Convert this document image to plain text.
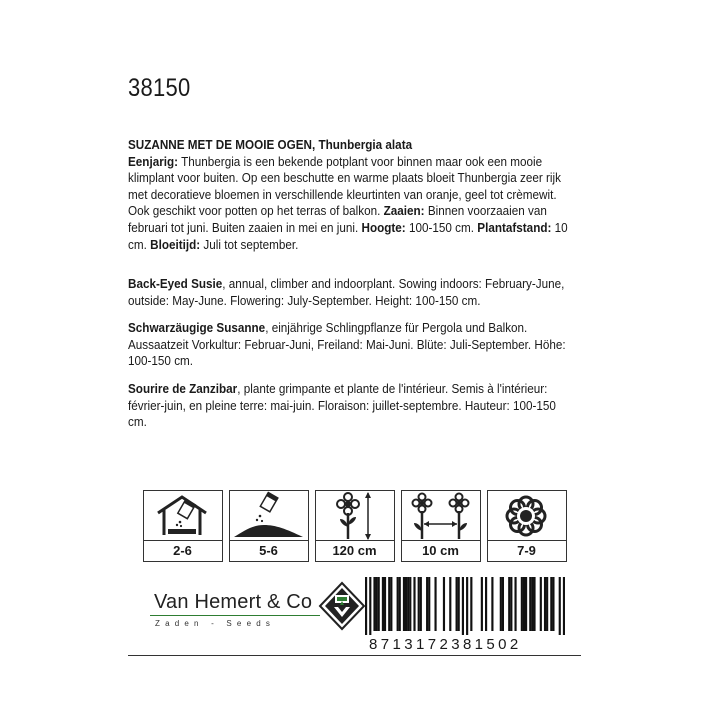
38150
SUZANNE MET DE MOOIE OGEN, Thunbergia alata
Eenjarig: Thunbergia is een bekende potplant voor binnen maar ook een mooie klimplant voor buiten. Op een beschutte en warme plaats bloeit Thunbergia zeer rijk met decoratieve bloemen in verschillende kleurtinten van oranje, geel tot crèmewit. Ook geschikt voor potten op het terras of balkon. Zaaien: Binnen voorzaaien van februari tot juni. Buiten zaaien in mei en juni. Hoogte: 100-150 cm. Plantafstand: 10 cm. Bloeitijd: Juli tot september.
Back-Eyed Susie, annual, climber and indoorplant. Sowing indoors: February-June, outside: May-June. Flowering: July-September. Height: 100-150 cm.
Schwarzäugige Susanne, einjährige Schlingpflanze für Pergola und Balkon. Aussaatzeit Vorkultur: Februar-Juni, Freiland: Mai-Juni. Blüte: Juli-September. Höhe: 100-150 cm.
Sourire de Zanzibar, plante grimpante et plante de l'intérieur. Semis à l'intérieur: février-juin, en pleine terre: mai-juin. Floraison: juillet-septembre. Hauteur: 100-150 cm.
2-6	5-6	120 cm	10 cm	7-9
Van Hemert & Co
Zaden - Seeds
8713172381502
